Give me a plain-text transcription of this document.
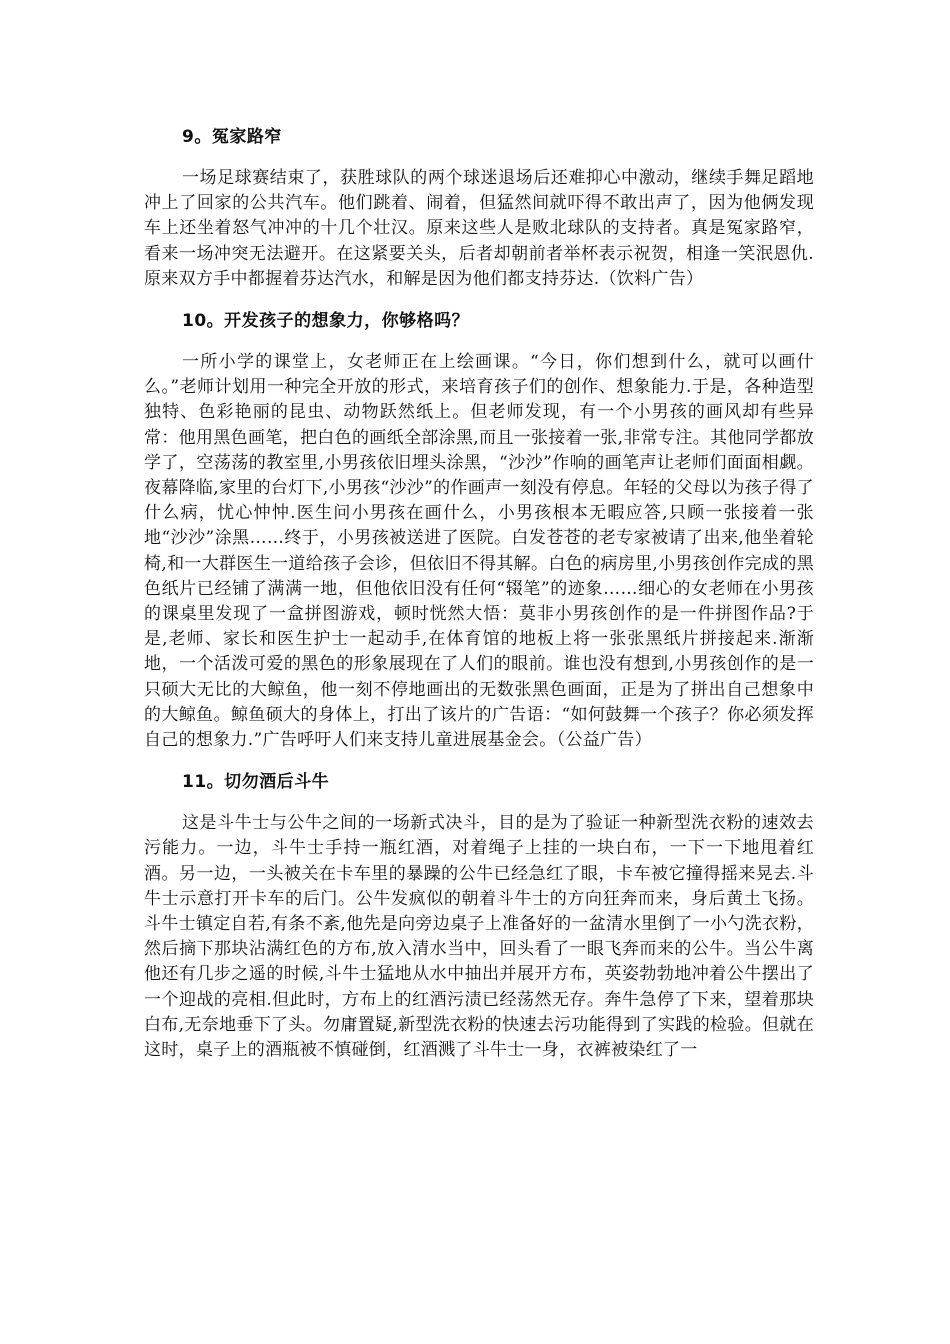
9。冤家路窄

一场足球赛结束了，获胜球队的两个球迷退场后还难抑心中激动，继续手舞足蹈地冲上了回家的公共汽车。他们跳着、闹着，但猛然间就吓得不敢出声了，因为他俩发现车上还坐着怒气冲冲的十几个壮汉。原来这些人是败北球队的支持者。真是冤家路窄，看来一场冲突无法避开。在这紧要关头，后者却朝前者举杯表示祝贺，相逢一笑泯恩仇.原来双方手中都握着芬达汽水，和解是因为他们都支持芬达.（饮料广告）

10。开发孩子的想象力，你够格吗？

一所小学的课堂上，女老师正在上绘画课。“今日，你们想到什么，就可以画什么。”老师计划用一种完全开放的形式，来培育孩子们的创作、想象能力.于是，各种造型独特、色彩艳丽的昆虫、动物跃然纸上。但老师发现，有一个小男孩的画风却有些异常：他用黑色画笔，把白色的画纸全部涂黑,而且一张接着一张,非常专注。其他同学都放学了，空荡荡的教室里,小男孩依旧埋头涂黑，“沙沙”作响的画笔声让老师们面面相觑。夜幕降临,家里的台灯下,小男孩“沙沙”的作画声一刻没有停息。年轻的父母以为孩子得了什么病，忧心忡忡.医生问小男孩在画什么，小男孩根本无暇应答,只顾一张接着一张地“沙沙”涂黑……终于，小男孩被送进了医院。白发苍苍的老专家被请了出来,他坐着轮椅,和一大群医生一道给孩子会诊，但依旧不得其解。白色的病房里,小男孩创作完成的黑色纸片已经铺了满满一地，但他依旧没有任何“辍笔”的迹象……细心的女老师在小男孩的课桌里发现了一盒拼图游戏，顿时恍然大悟：莫非小男孩创作的是一件拼图作品?于是,老师、家长和医生护士一起动手,在体育馆的地板上将一张张黑纸片拼接起来.渐渐地，一个活泼可爱的黑色的形象展现在了人们的眼前。谁也没有想到,小男孩创作的是一只硕大无比的大鲸鱼，他一刻不停地画出的无数张黑色画面，正是为了拼出自己想象中的大鲸鱼。鲸鱼硕大的身体上，打出了该片的广告语：“如何鼓舞一个孩子？你必须发挥自己的想象力.”广告呼吁人们来支持儿童进展基金会。（公益广告）

11。切勿酒后斗牛

这是斗牛士与公牛之间的一场新式决斗，目的是为了验证一种新型洗衣粉的速效去污能力。一边，斗牛士手持一瓶红酒，对着绳子上挂的一块白布，一下一下地甩着红酒。另一边，一头被关在卡车里的暴躁的公牛已经急红了眼，卡车被它撞得摇来晃去.斗牛士示意打开卡车的后门。公牛发疯似的朝着斗牛士的方向狂奔而来，身后黄土飞扬。斗牛士镇定自若,有条不紊,他先是向旁边桌子上准备好的一盆清水里倒了一小勺洗衣粉，然后摘下那块沾满红色的方布,放入清水当中，回头看了一眼飞奔而来的公牛。当公牛离他还有几步之遥的时候,斗牛士猛地从水中抽出并展开方布，英姿勃勃地冲着公牛摆出了一个迎战的亮相.但此时，方布上的红酒污渍已经荡然无存。奔牛急停了下来，望着那块白布,无奈地垂下了头。勿庸置疑,新型洗衣粉的快速去污功能得到了实践的检验。但就在这时，桌子上的酒瓶被不慎碰倒，红酒溅了斗牛士一身，衣裤被染红了一
